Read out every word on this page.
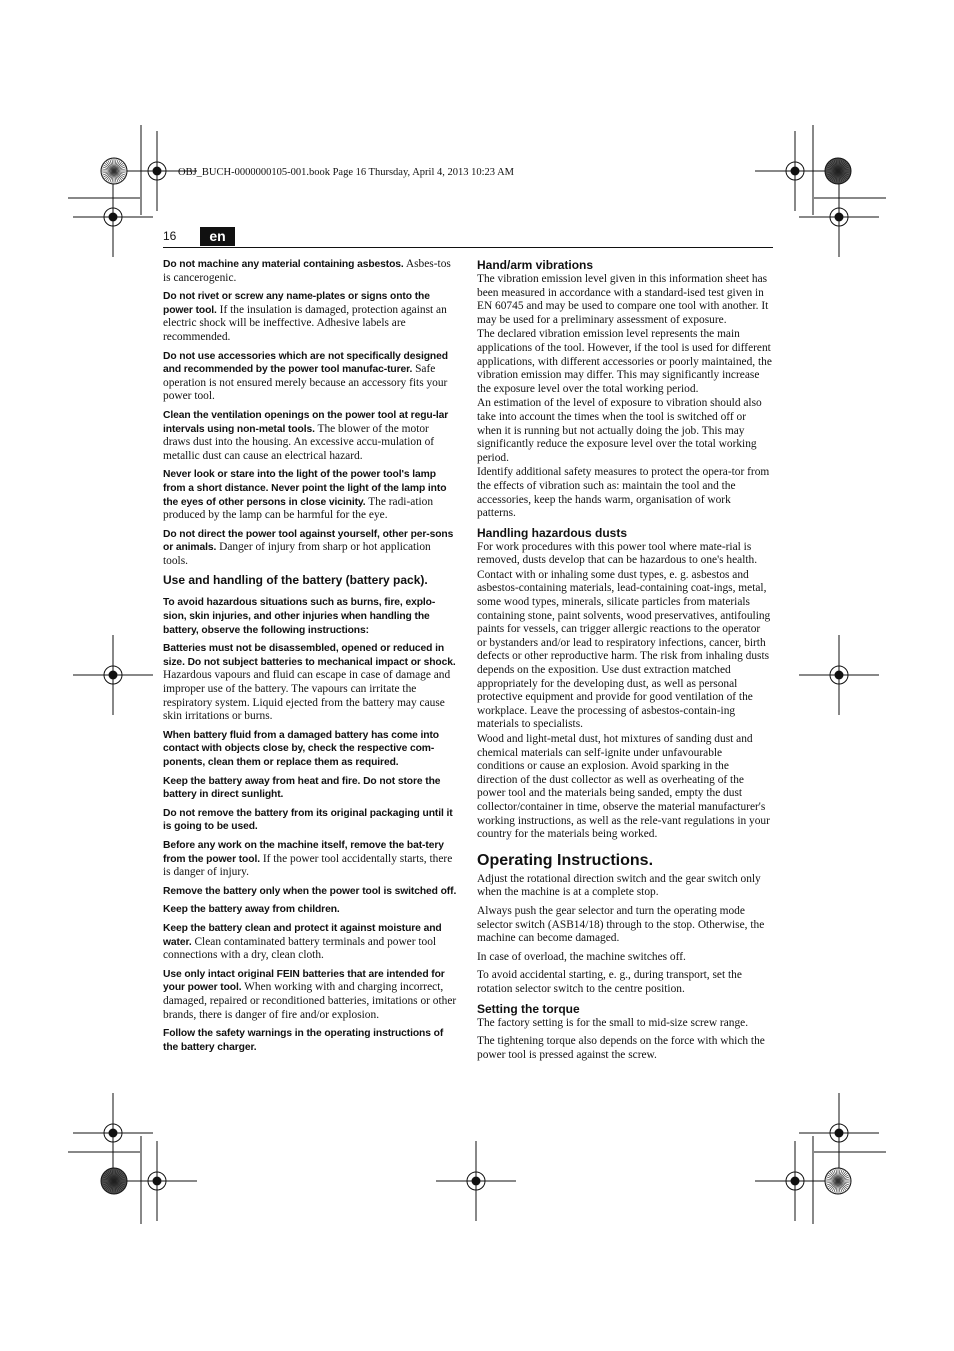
OBJ_BUCH-0000000105-001.book Page 16 Thursday, April 4, 2013 10:23 AM
16	en

Do not machine any material containing asbestos. Asbes-tos is cancerogenic.

Do not rivet or screw any name-plates or signs onto the power tool. If the insulation is damaged, protection against an electric shock will be ineffective. Adhesive labels are recommended.

Do not use accessories which are not specifically designed and recommended by the power tool manufac-turer. Safe operation is not ensured merely because an accessory fits your power tool.

Clean the ventilation openings on the power tool at regu-lar intervals using non-metal tools. The blower of the motor draws dust into the housing. An excessive accu-mulation of metallic dust can cause an electrical hazard.

Never look or stare into the light of the power tool's lamp from a short distance. Never point the light of the lamp into the eyes of other persons in close vicinity. The radi-ation produced by the lamp can be harmful for the eye.

Do not direct the power tool against yourself, other per-sons or animals. Danger of injury from sharp or hot application tools.

Use and handling of the battery (battery pack).

To avoid hazardous situations such as burns, fire, explo-sion, skin injuries, and other injuries when handling the battery, observe the following instructions:

Batteries must not be disassembled, opened or reduced in size. Do not subject batteries to mechanical impact or shock. Hazardous vapours and fluid can escape in case of damage and improper use of the battery. The vapours can irritate the respiratory system. Liquid ejected from the battery may cause skin irritations or burns.

When battery fluid from a damaged battery has come into contact with objects close by, check the respective com-ponents, clean them or replace them as required.

Keep the battery away from heat and fire. Do not store the battery in direct sunlight.

Do not remove the battery from its original packaging until it is going to be used.

Before any work on the machine itself, remove the bat-tery from the power tool. If the power tool accidentally starts, there is danger of injury.

Remove the battery only when the power tool is switched off.

Keep the battery away from children.

Keep the battery clean and protect it against moisture and water. Clean contaminated battery terminals and power tool connections with a dry, clean cloth.

Use only intact original FEIN batteries that are intended for your power tool. When working with and charging incorrect, damaged, repaired or reconditioned batteries, imitations or other brands, there is danger of fire and/or explosion.

Follow the safety warnings in the operating instructions of the battery charger.

Hand/arm vibrations

The vibration emission level given in this information sheet has been measured in accordance with a standard-ised test given in EN 60745 and may be used to compare one tool with another. It may be used for a preliminary assessment of exposure.

The declared vibration emission level represents the main applications of the tool. However, if the tool is used for different applications, with different accessories or poorly maintained, the vibration emission may differ. This may significantly increase the exposure level over the total working period.

An estimation of the level of exposure to vibration should also take into account the times when the tool is switched off or when it is running but not actually doing the job. This may significantly reduce the exposure level over the total working period.

Identify additional safety measures to protect the opera-tor from the effects of vibration such as: maintain the tool and the accessories, keep the hands warm, organisation of work patterns.

Handling hazardous dusts

For work procedures with this power tool where mate-rial is removed, dusts develop that can be hazardous to one's health.

Contact with or inhaling some dust types, e. g. asbestos and asbestos-containing materials, lead-containing coat-ings, metal, some wood types, minerals, silicate particles from materials containing stone, paint solvents, wood preservatives, antifouling paints for vessels, can trigger allergic reactions to the operator or bystanders and/or lead to respiratory infections, cancer, birth defects or other reproductive harm. The risk from inhaling dusts depends on the exposition. Use dust extraction matched appropriately for the developing dust, as well as personal protective equipment and provide for good ventilation of the workplace. Leave the processing of asbestos-contain-ing materials to specialists.

Wood and light-metal dust, hot mixtures of sanding dust and chemical materials can self-ignite under unfavourable conditions or cause an explosion. Avoid sparking in the direction of the dust collector as well as overheating of the power tool and the materials being sanded, empty the dust collector/container in time, observe the material manufacturer's working instructions, as well as the rele-vant regulations in your country for the materials being worked.

Operating Instructions.

Adjust the rotational direction switch and the gear switch only when the machine is at a complete stop.

Always push the gear selector and turn the operating mode selector switch (ASB14/18) through to the stop. Otherwise, the machine can become damaged.

In case of overload, the machine switches off.

To avoid accidental starting, e. g., during transport, set the rotation selector switch to the centre position.

Setting the torque

The factory setting is for the small to mid-size screw range.

The tightening torque also depends on the force with which the power tool is pressed against the screw.
